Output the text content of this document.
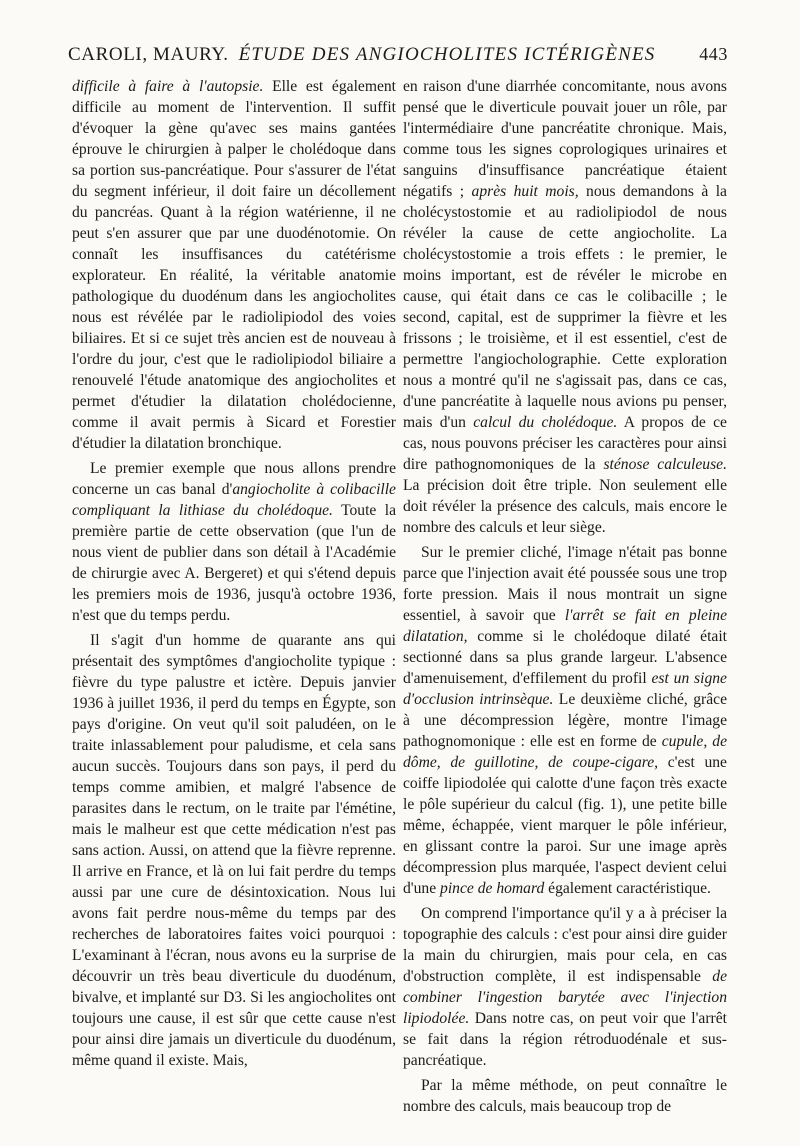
CAROLI, MAURY. ÉTUDE DES ANGIOCHOLITES ICTÉRIGÈNES 443

difficile à faire à l'autopsie. Elle est également difficile au moment de l'intervention. Il suffit d'évoquer la gène qu'avec ses mains gantées éprouve le chirurgien à palper le cholédoque dans sa portion sus-pancréatique. Pour s'assurer de l'état du segment inférieur, il doit faire un décollement du pancréas. Quant à la région watérienne, il ne peut s'en assurer que par une duodénotomie. On connaît les insuffisances du catétérisme explorateur. En réalité, la véritable anatomie pathologique du duodénum dans les angiocholites nous est révélée par le radiolipiodol des voies biliaires. Et si ce sujet très ancien est de nouveau à l'ordre du jour, c'est que le radiolipiodol biliaire a renouvelé l'étude anatomique des angiocholites et permet d'étudier la dilatation cholédocienne, comme il avait permis à Sicard et Forestier d'étudier la dilatation bronchique.

Le premier exemple que nous allons prendre concerne un cas banal d'angiocholite à colibacille compliquant la lithiase du cholédoque. Toute la première partie de cette observation (que l'un de nous vient de publier dans son détail à l'Académie de chirurgie avec A. Bergeret) et qui s'étend depuis les premiers mois de 1936, jusqu'à octobre 1936, n'est que du temps perdu.

Il s'agit d'un homme de quarante ans qui présentait des symptômes d'angiocholite typique : fièvre du type palustre et ictère. Depuis janvier 1936 à juillet 1936, il perd du temps en Égypte, son pays d'origine. On veut qu'il soit paludéen, on le traite inlassablement pour paludisme, et cela sans aucun succès. Toujours dans son pays, il perd du temps comme amibien, et malgré l'absence de parasites dans le rectum, on le traite par l'émétine, mais le malheur est que cette médication n'est pas sans action. Aussi, on attend que la fièvre reprenne. Il arrive en France, et là on lui fait perdre du temps aussi par une cure de désintoxication. Nous lui avons fait perdre nous-même du temps par des recherches de laboratoires faites voici pourquoi : L'examinant à l'écran, nous avons eu la surprise de découvrir un très beau diverticule du duodénum, bivalve, et implanté sur D3. Si les angiocholites ont toujours une cause, il est sûr que cette cause n'est pour ainsi dire jamais un diverticule du duodénum, même quand il existe. Mais,

en raison d'une diarrhée concomitante, nous avons pensé que le diverticule pouvait jouer un rôle, par l'intermédiaire d'une pancréatite chronique. Mais, comme tous les signes coprologiques urinaires et sanguins d'insuffisance pancréatique étaient négatifs ; après huit mois, nous demandons à la cholécystostomie et au radiolipiodol de nous révéler la cause de cette angiocholite. La cholécystostomie a trois effets : le premier, le moins important, est de révéler le microbe en cause, qui était dans ce cas le colibacille ; le second, capital, est de supprimer la fièvre et les frissons ; le troisième, et il est essentiel, c'est de permettre l'angiocholographie. Cette exploration nous a montré qu'il ne s'agissait pas, dans ce cas, d'une pancréatite à laquelle nous avions pu penser, mais d'un calcul du cholédoque. A propos de ce cas, nous pouvons préciser les caractères pour ainsi dire pathognomoniques de la sténose calculeuse. La précision doit être triple. Non seulement elle doit révéler la présence des calculs, mais encore le nombre des calculs et leur siège.

Sur le premier cliché, l'image n'était pas bonne parce que l'injection avait été poussée sous une trop forte pression. Mais il nous montrait un signe essentiel, à savoir que l'arrêt se fait en pleine dilatation, comme si le cholédoque dilaté était sectionné dans sa plus grande largeur. L'absence d'amenuisement, d'effilement du profil est un signe d'occlusion intrinsèque. Le deuxième cliché, grâce à une décompression légère, montre l'image pathognomonique : elle est en forme de cupule, de dôme, de guillotine, de coupe-cigare, c'est une coiffe lipiodolée qui calotte d'une façon très exacte le pôle supérieur du calcul (fig. 1), une petite bille même, échappée, vient marquer le pôle inférieur, en glissant contre la paroi. Sur une image après décompression plus marquée, l'aspect devient celui d'une pince de homard également caractéristique.

On comprend l'importance qu'il y a à préciser la topographie des calculs : c'est pour ainsi dire guider la main du chirurgien, mais pour cela, en cas d'obstruction complète, il est indispensable de combiner l'ingestion barytée avec l'injection lipiodolée. Dans notre cas, on peut voir que l'arrêt se fait dans la région rétroduodénale et sus-pancréatique.

Par la même méthode, on peut connaître le nombre des calculs, mais beaucoup trop de
